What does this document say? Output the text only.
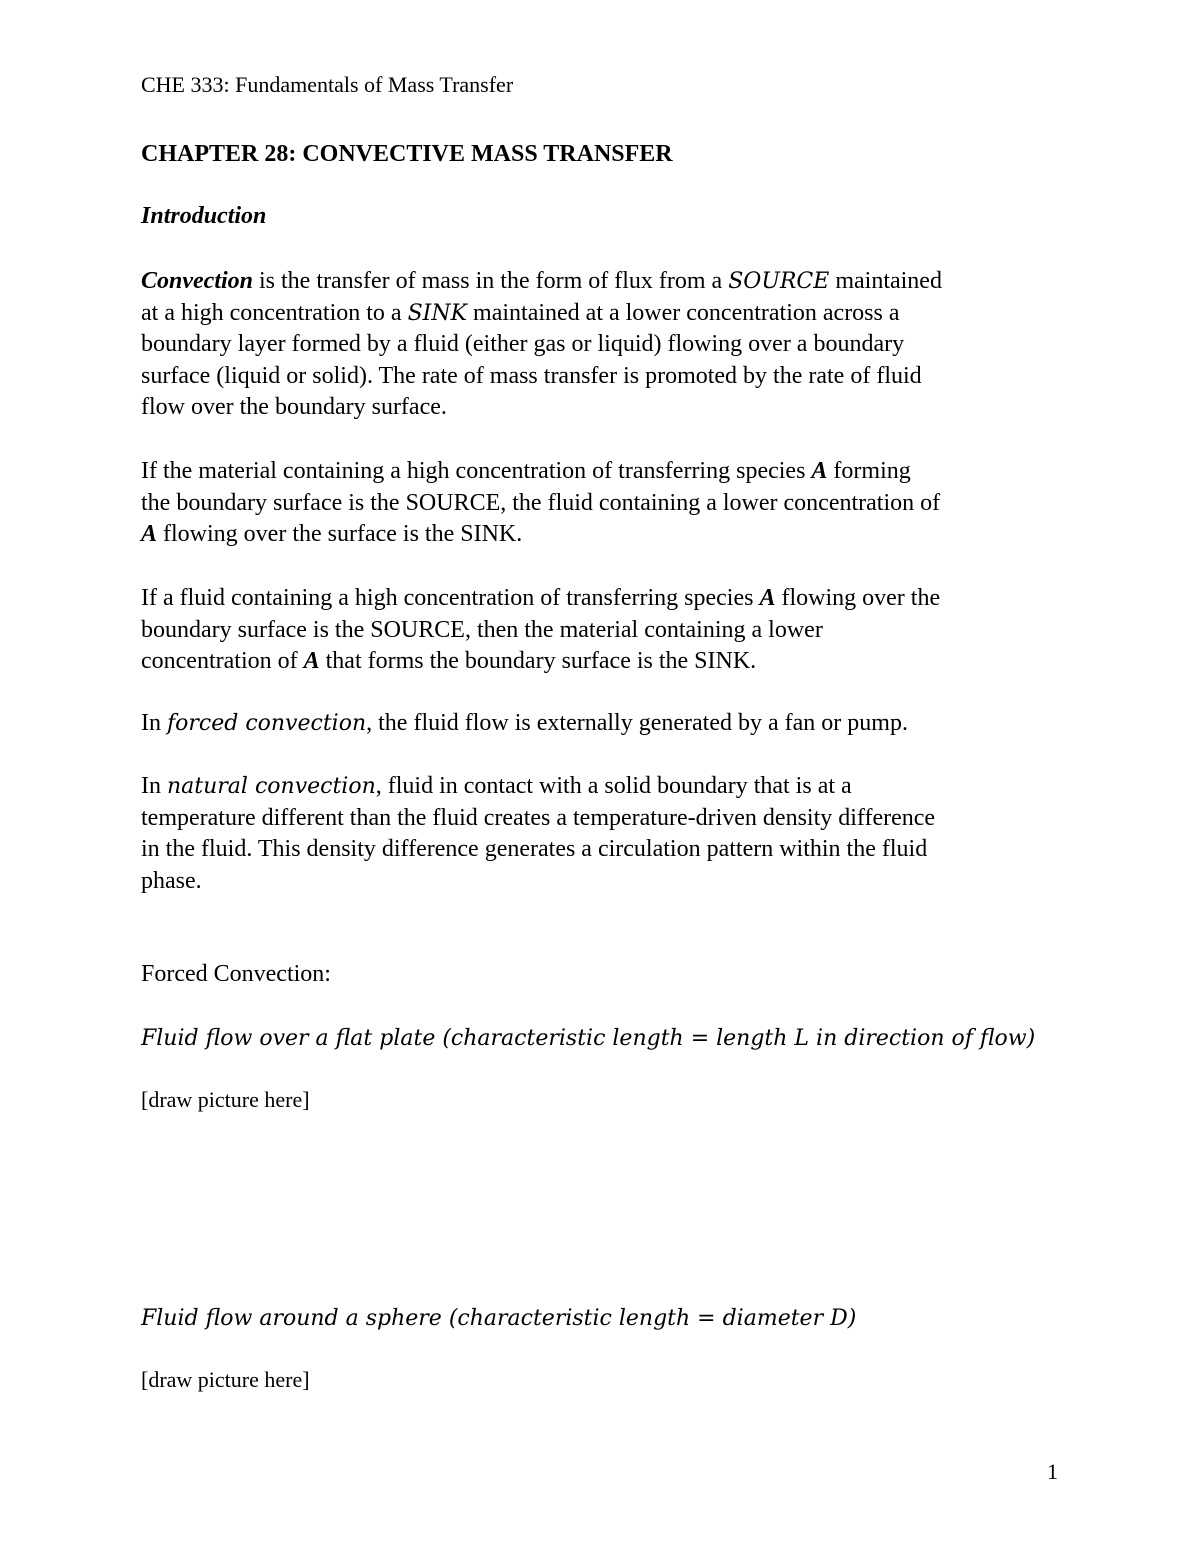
CHE 333: Fundamentals of Mass Transfer

CHAPTER 28: CONVECTIVE MASS TRANSFER

Introduction

Convection is the transfer of mass in the form of flux from a SOURCE maintained
at a high concentration to a SINK maintained at a lower concentration across a
boundary layer formed by a fluid (either gas or liquid) flowing over a boundary
surface (liquid or solid). The rate of mass transfer is promoted by the rate of fluid
flow over the boundary surface.
If the material containing a high concentration of transferring species A forming
the boundary surface is the SOURCE, the fluid containing a lower concentration of
A flowing over the surface is the SINK.
If a fluid containing a high concentration of transferring species A flowing over the
boundary surface is the SOURCE, then the material containing a lower
concentration of A that forms the boundary surface is the SINK.
In forced convection, the fluid flow is externally generated by a fan or pump.
In natural convection, fluid in contact with a solid boundary that is at a
temperature different than the fluid creates a temperature-driven density difference
in the fluid. This density difference generates a circulation pattern within the fluid
phase.

Forced Convection:

Fluid flow over a flat plate (characteristic length = length L in direction of flow)

[draw picture here]

Fluid flow around a sphere (characteristic length = diameter D)

[draw picture here]

1
